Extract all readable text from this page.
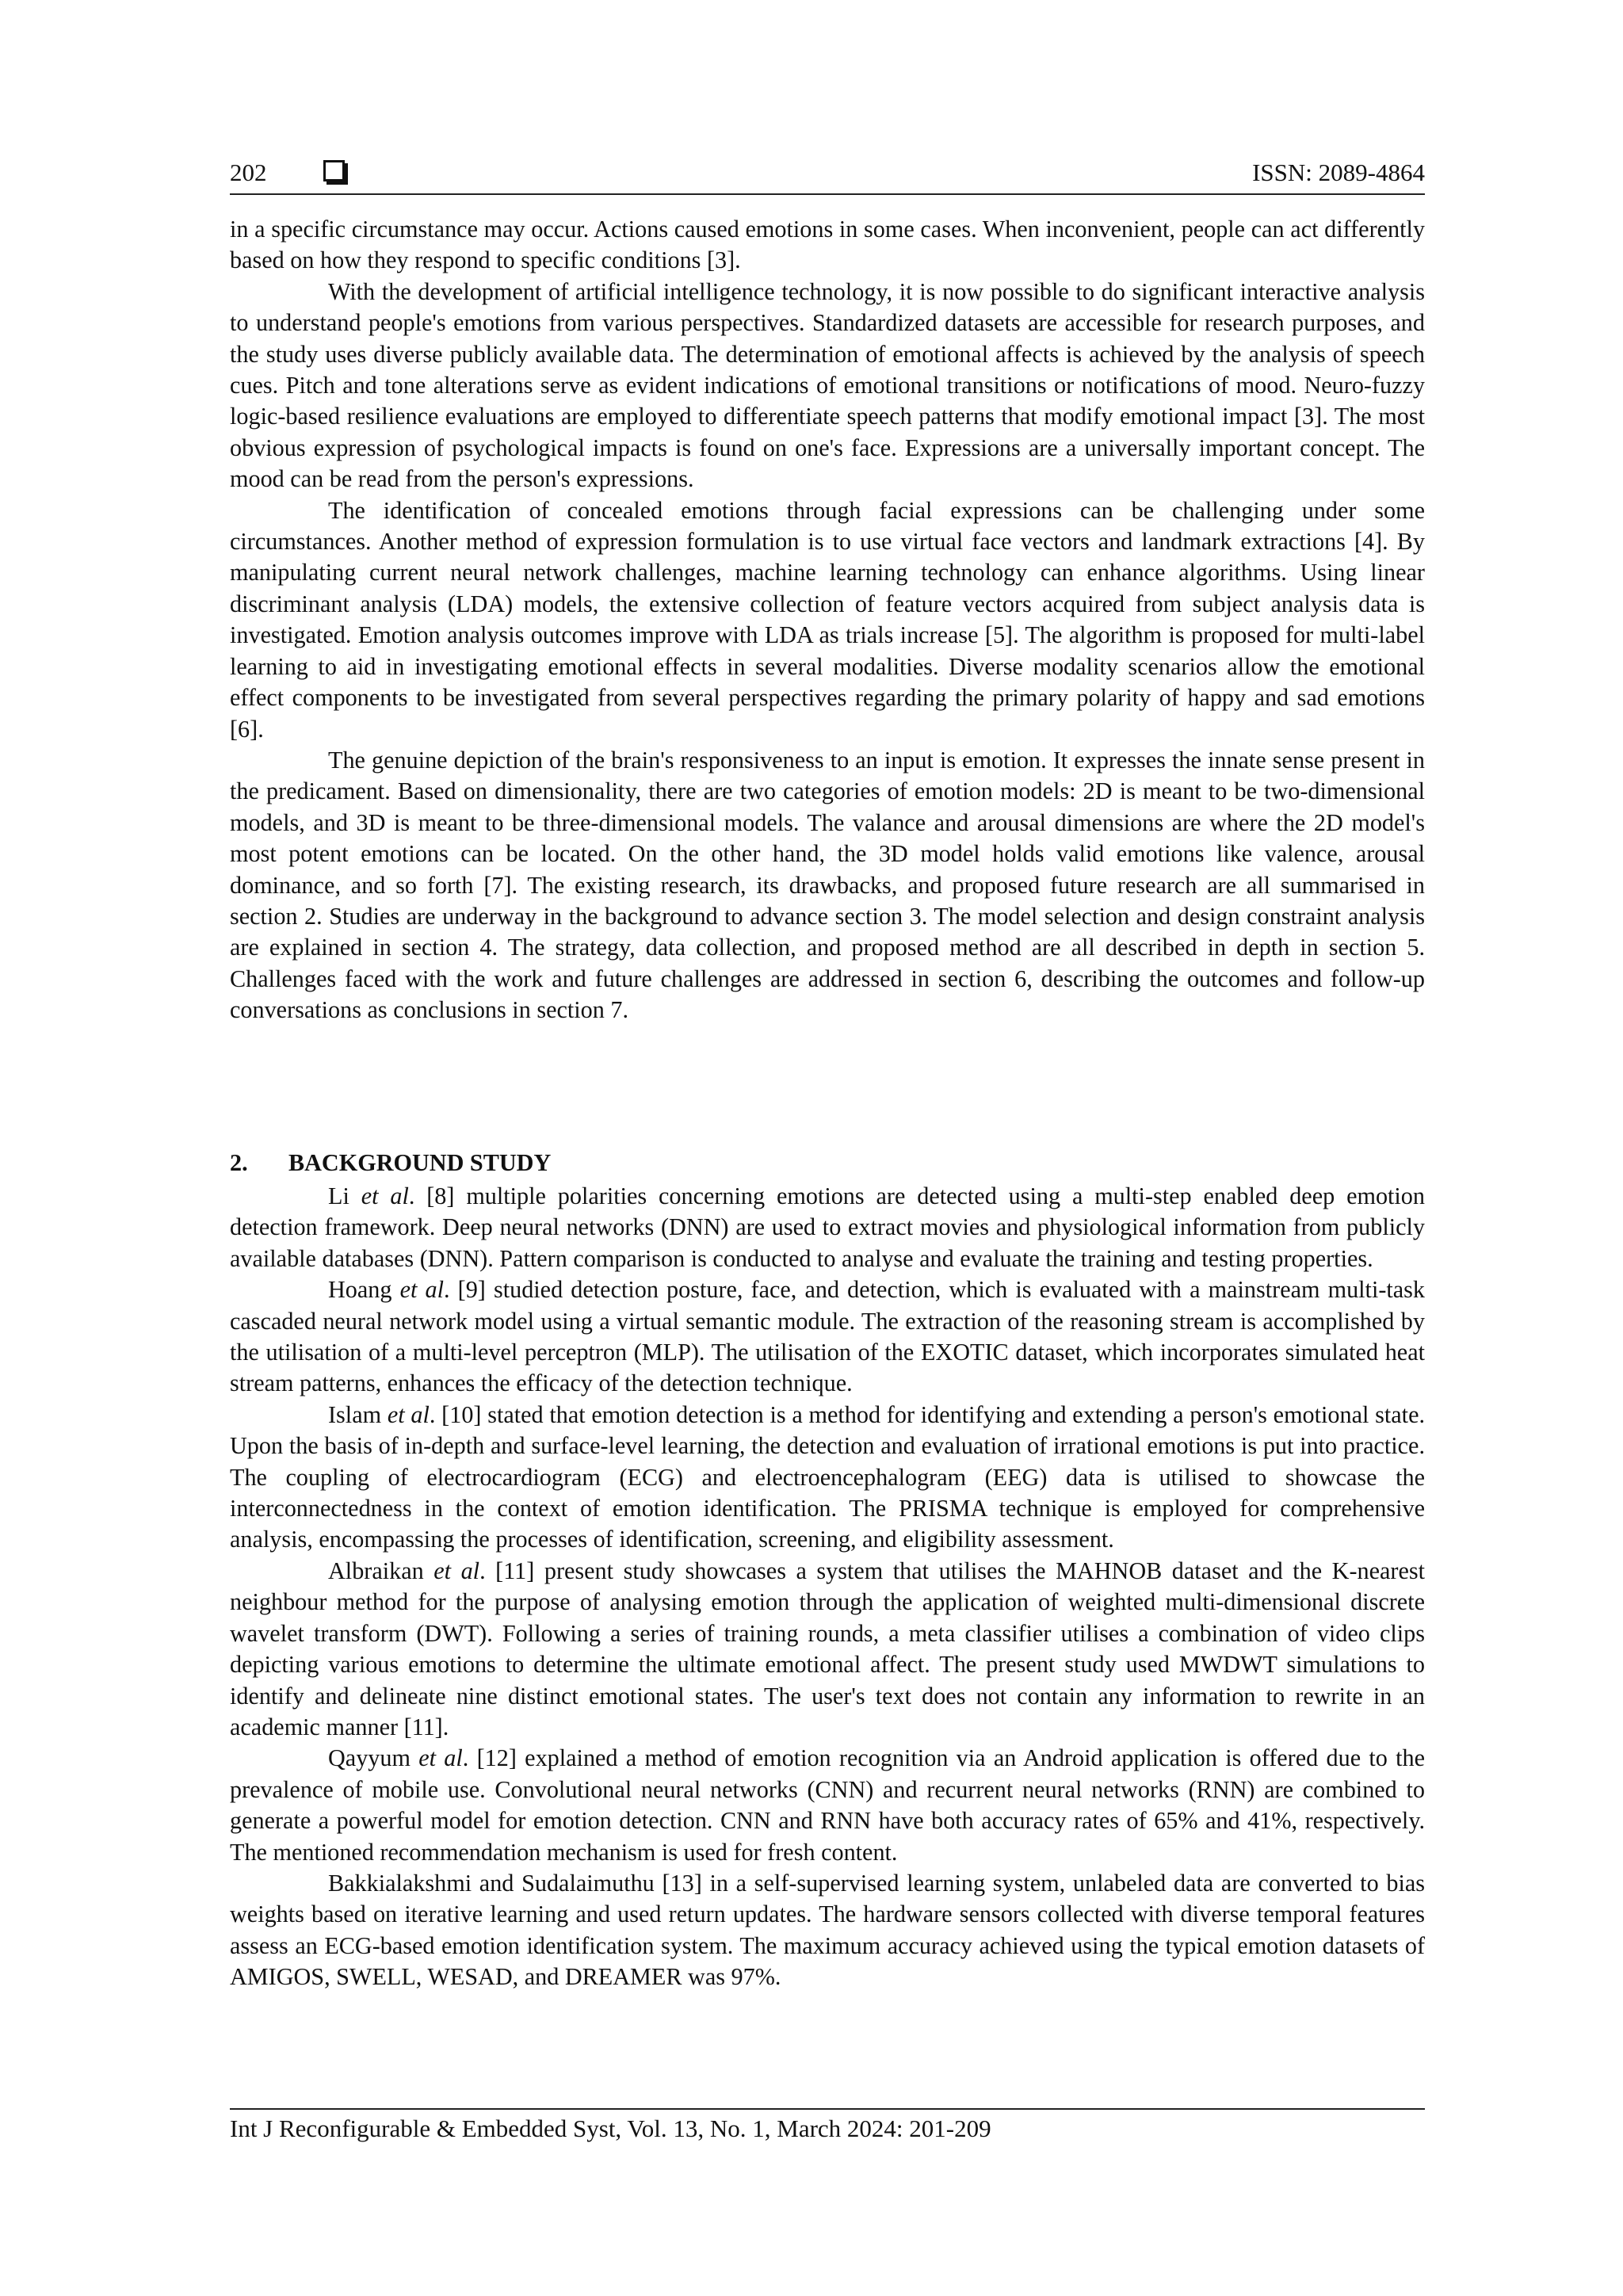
202	ISSN: 2089-4864

in a specific circumstance may occur. Actions caused emotions in some cases. When inconvenient, people can act differently based on how they respond to specific conditions [3].

With the development of artificial intelligence technology, it is now possible to do significant interactive analysis to understand people's emotions from various perspectives. Standardized datasets are accessible for research purposes, and the study uses diverse publicly available data. The determination of emotional affects is achieved by the analysis of speech cues. Pitch and tone alterations serve as evident indications of emotional transitions or notifications of mood. Neuro-fuzzy logic-based resilience evaluations are employed to differentiate speech patterns that modify emotional impact [3]. The most obvious expression of psychological impacts is found on one's face. Expressions are a universally important concept. The mood can be read from the person's expressions.

The identification of concealed emotions through facial expressions can be challenging under some circumstances. Another method of expression formulation is to use virtual face vectors and landmark extractions [4]. By manipulating current neural network challenges, machine learning technology can enhance algorithms. Using linear discriminant analysis (LDA) models, the extensive collection of feature vectors acquired from subject analysis data is investigated. Emotion analysis outcomes improve with LDA as trials increase [5]. The algorithm is proposed for multi-label learning to aid in investigating emotional effects in several modalities. Diverse modality scenarios allow the emotional effect components to be investigated from several perspectives regarding the primary polarity of happy and sad emotions [6].

The genuine depiction of the brain's responsiveness to an input is emotion. It expresses the innate sense present in the predicament. Based on dimensionality, there are two categories of emotion models: 2D is meant to be two-dimensional models, and 3D is meant to be three-dimensional models. The valance and arousal dimensions are where the 2D model's most potent emotions can be located. On the other hand, the 3D model holds valid emotions like valence, arousal dominance, and so forth [7]. The existing research, its drawbacks, and proposed future research are all summarised in section 2. Studies are underway in the background to advance section 3. The model selection and design constraint analysis are explained in section 4. The strategy, data collection, and proposed method are all described in depth in section 5. Challenges faced with the work and future challenges are addressed in section 6, describing the outcomes and follow-up conversations as conclusions in section 7.

2. BACKGROUND STUDY

Li et al. [8] multiple polarities concerning emotions are detected using a multi-step enabled deep emotion detection framework. Deep neural networks (DNN) are used to extract movies and physiological information from publicly available databases (DNN). Pattern comparison is conducted to analyse and evaluate the training and testing properties.

Hoang et al. [9] studied detection posture, face, and detection, which is evaluated with a mainstream multi-task cascaded neural network model using a virtual semantic module. The extraction of the reasoning stream is accomplished by the utilisation of a multi-level perceptron (MLP). The utilisation of the EXOTIC dataset, which incorporates simulated heat stream patterns, enhances the efficacy of the detection technique.

Islam et al. [10] stated that emotion detection is a method for identifying and extending a person's emotional state. Upon the basis of in-depth and surface-level learning, the detection and evaluation of irrational emotions is put into practice. The coupling of electrocardiogram (ECG) and electroencephalogram (EEG) data is utilised to showcase the interconnectedness in the context of emotion identification. The PRISMA technique is employed for comprehensive analysis, encompassing the processes of identification, screening, and eligibility assessment.

Albraikan et al. [11] present study showcases a system that utilises the MAHNOB dataset and the K-nearest neighbour method for the purpose of analysing emotion through the application of weighted multi-dimensional discrete wavelet transform (DWT). Following a series of training rounds, a meta classifier utilises a combination of video clips depicting various emotions to determine the ultimate emotional affect. The present study used MWDWT simulations to identify and delineate nine distinct emotional states. The user's text does not contain any information to rewrite in an academic manner [11].

Qayyum et al. [12] explained a method of emotion recognition via an Android application is offered due to the prevalence of mobile use. Convolutional neural networks (CNN) and recurrent neural networks (RNN) are combined to generate a powerful model for emotion detection. CNN and RNN have both accuracy rates of 65% and 41%, respectively. The mentioned recommendation mechanism is used for fresh content.

Bakkialakshmi and Sudalaimuthu [13] in a self-supervised learning system, unlabeled data are converted to bias weights based on iterative learning and used return updates. The hardware sensors collected with diverse temporal features assess an ECG-based emotion identification system. The maximum accuracy achieved using the typical emotion datasets of AMIGOS, SWELL, WESAD, and DREAMER was 97%.

Int J Reconfigurable & Embedded Syst, Vol. 13, No. 1, March 2024: 201-209
